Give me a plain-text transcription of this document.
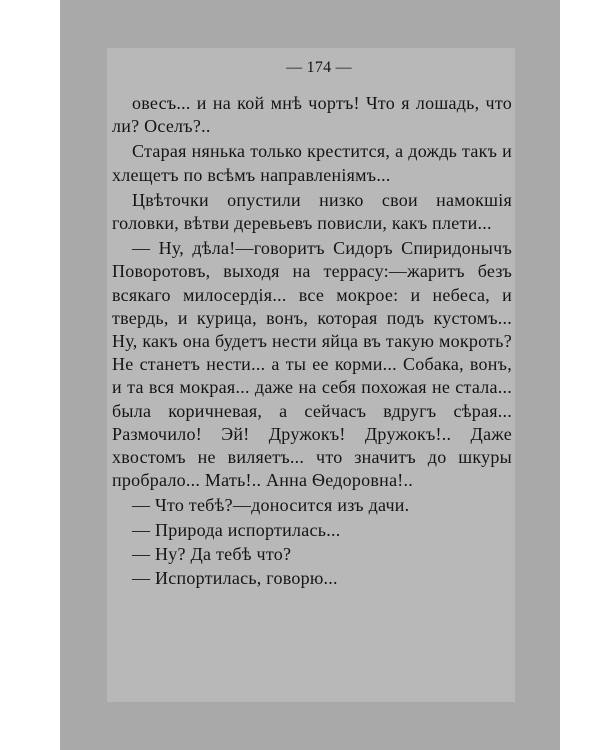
— 174 —

овесъ... и на кой мнѣ чортъ! Что я лошадь, что ли? Оселъ?..

Старая нянька только крестится, а дождь такъ и хлещетъ по всѣмъ направленiямъ...

Цвѣточки опустили низко свои намокшiя головки, вѣтви деревьевъ повисли, какъ плети...

— Ну, дѣла!—говоритъ Сидоръ Спиридонычъ Поворотовъ, выходя на террасу:—жаритъ безъ всякаго милосердiя... все мокрое: и небеса, и твердь, и курица, вонъ, которая подъ кустомъ... Ну, какъ она будетъ нести яйца въ такую мокроть? Не станетъ нести... а ты ее корми... Собака, вонъ, и та вся мокрая... даже на себя похожая не стала... была коричневая, а сейчасъ вдругъ сѣрая... Размочило! Эй! Дружокъ! Дружокъ!.. Даже хвостомъ не виляетъ... что значитъ до шкуры пробрало... Мать!.. Анна Ѳедоровна!..

— Что тебѣ?—доносится изъ дачи.

— Природа испортилась...

— Ну? Да тебѣ что?

— Испортилась, говорю...
